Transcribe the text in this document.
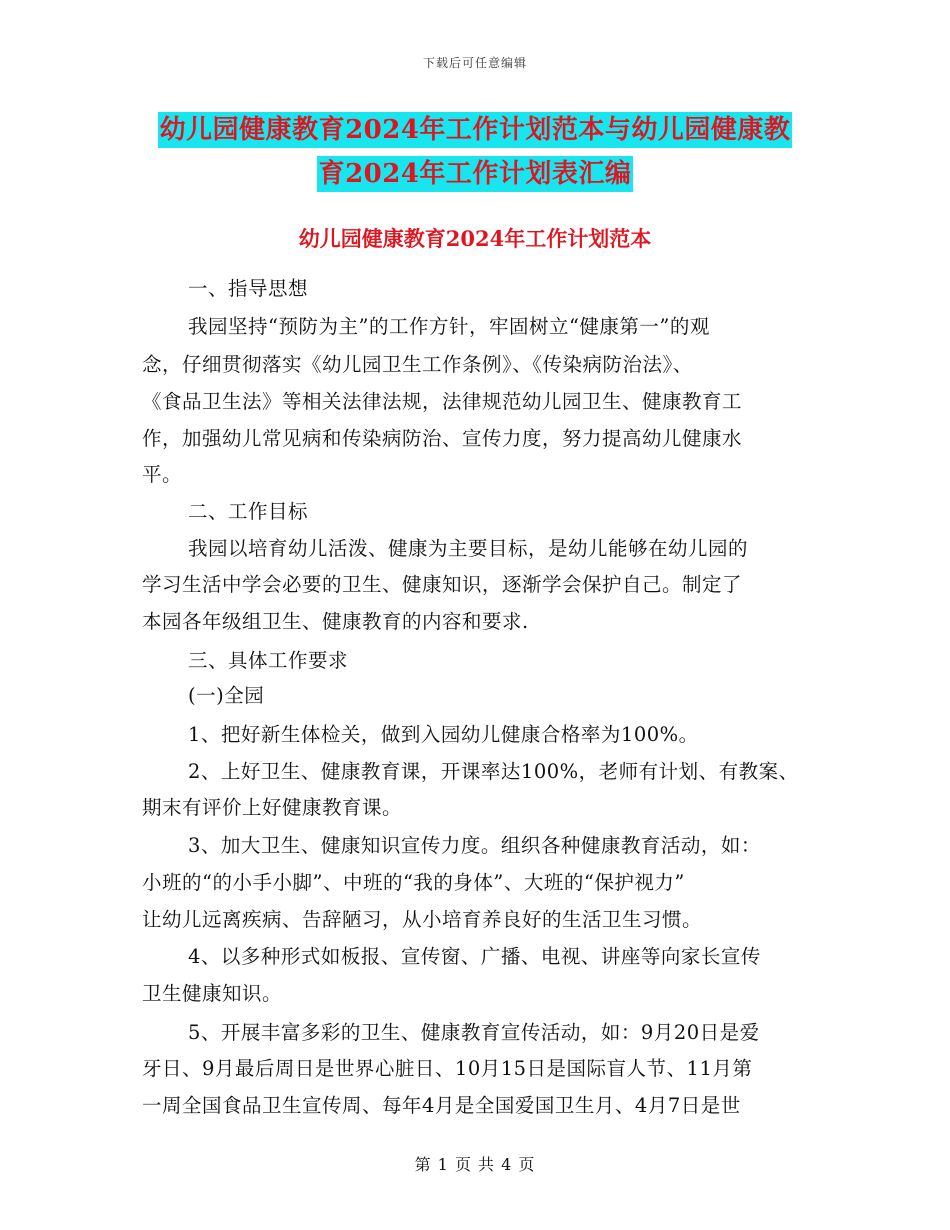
下载后可任意编辑
幼儿园健康教育2024年工作计划范本与幼儿园健康教
育2024年工作计划表汇编
幼儿园健康教育2024年工作计划范本
一、指导思想
我园坚持“预防为主”的工作方针，牢固树立“健康第一”的观
念，仔细贯彻落实《幼儿园卫生工作条例》、《传染病防治法》、
《食品卫生法》等相关法律法规，法律规范幼儿园卫生、健康教育工
作，加强幼儿常见病和传染病防治、宣传力度，努力提高幼儿健康水
平。
二、工作目标
我园以培育幼儿活泼、健康为主要目标，是幼儿能够在幼儿园的
学习生活中学会必要的卫生、健康知识，逐渐学会保护自己。制定了
本园各年级组卫生、健康教育的内容和要求.
三、具体工作要求
(一)全园
1、把好新生体检关，做到入园幼儿健康合格率为100%。
2、上好卫生、健康教育课，开课率达100%，老师有计划、有教案、
期末有评价上好健康教育课。
3、加大卫生、健康知识宣传力度。组织各种健康教育活动，如：
小班的“的小手小脚”、中班的“我的身体”、大班的“保护视力”
让幼儿远离疾病、告辞陋习，从小培育养良好的生活卫生习惯。
4、以多种形式如板报、宣传窗、广播、电视、讲座等向家长宣传
卫生健康知识。
5、开展丰富多彩的卫生、健康教育宣传活动，如：9月20日是爱
牙日、9月最后周日是世界心脏日、10月15日是国际盲人节、11月第
一周全国食品卫生宣传周、每年4月是全国爱国卫生月、4月7日是世
第 1 页 共 4 页
